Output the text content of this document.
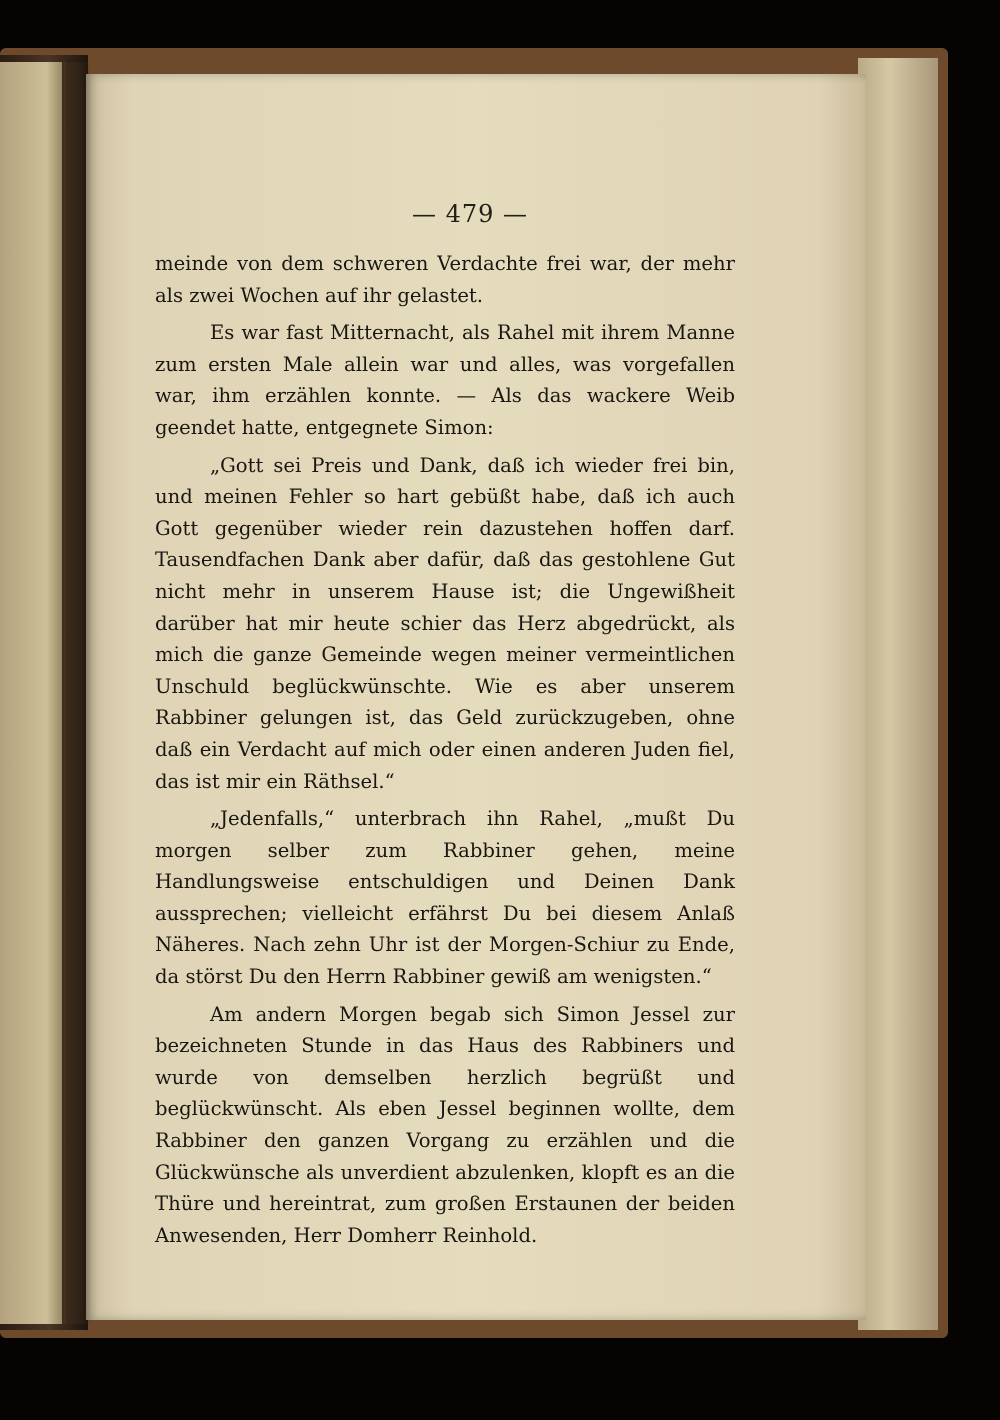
— 479 —

meinde von dem schweren Verdachte frei war, der mehr als zwei Wochen auf ihr gelastet.

Es war fast Mitternacht, als Rahel mit ihrem Manne zum ersten Male allein war und alles, was vorgefallen war, ihm erzählen konnte. — Als das wackere Weib geendet hatte, entgegnete Simon:

„Gott sei Preis und Dank, daß ich wieder frei bin, und meinen Fehler so hart gebüßt habe, daß ich auch Gott gegenüber wieder rein dazustehen hoffen darf. Tausendfachen Dank aber dafür, daß das gestohlene Gut nicht mehr in unserem Hause ist; die Ungewißheit darüber hat mir heute schier das Herz abgedrückt, als mich die ganze Gemeinde wegen meiner vermeintlichen Unschuld beglückwünschte. Wie es aber unserem Rabbiner gelungen ist, das Geld zurückzugeben, ohne daß ein Verdacht auf mich oder einen anderen Juden fiel, das ist mir ein Räthsel.“

„Jedenfalls,“ unterbrach ihn Rahel, „mußt Du morgen selber zum Rabbiner gehen, meine Handlungsweise entschuldigen und Deinen Dank aussprechen; vielleicht erfährst Du bei diesem Anlaß Näheres. Nach zehn Uhr ist der Morgen-Schiur zu Ende, da störst Du den Herrn Rabbiner gewiß am wenigsten.“

Am andern Morgen begab sich Simon Jessel zur bezeichneten Stunde in das Haus des Rabbiners und wurde von demselben herzlich begrüßt und beglückwünscht. Als eben Jessel beginnen wollte, dem Rabbiner den ganzen Vorgang zu erzählen und die Glückwünsche als unverdient abzulenken, klopft es an die Thüre und hereintrat, zum großen Erstaunen der beiden Anwesenden, Herr Domherr Reinhold.
